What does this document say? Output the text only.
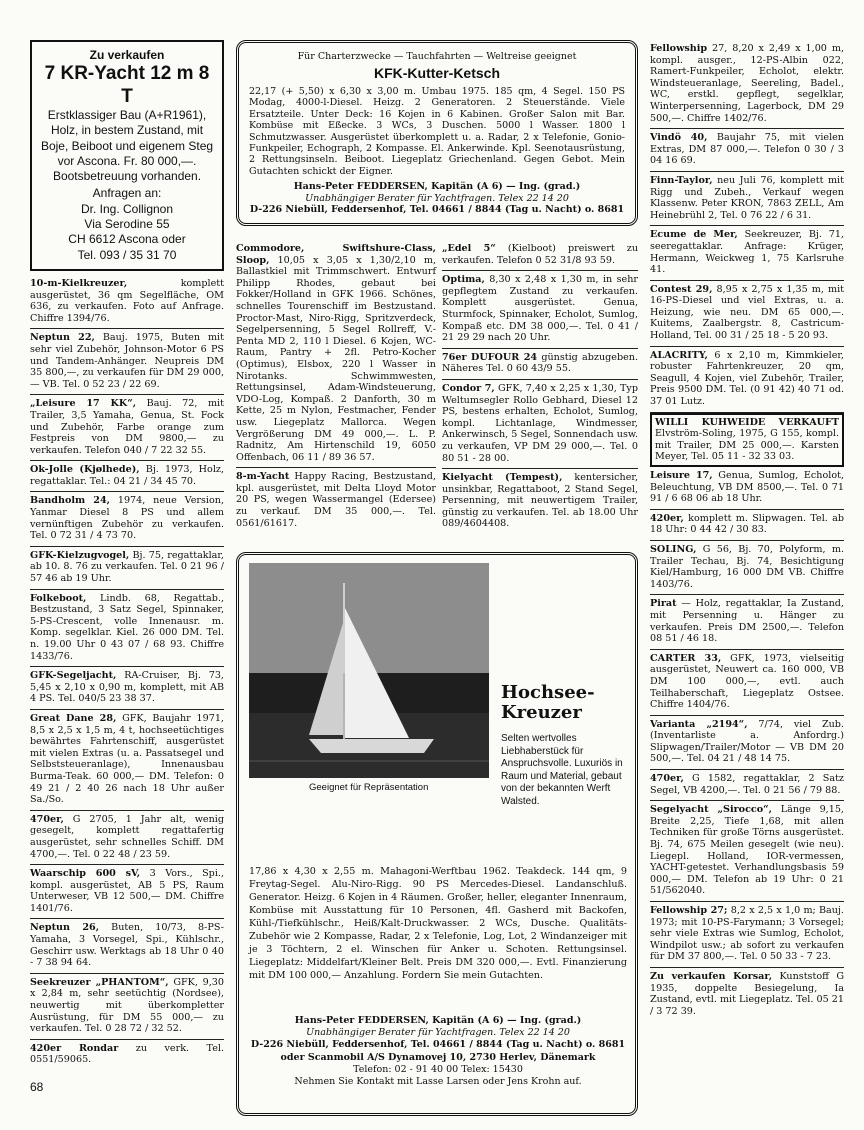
Zu verkaufen
7 KR-Yacht 12 m 8 T
Erstklassiger Bau (A+R1961), Holz, in bestem Zustand, mit Boje, Beiboot und eigenem Steg vor Ascona. Fr. 80 000,—. Bootsbetreuung vorhanden.
Anfragen an:
Dr. Ing. Collignon
Via Serodine 55
CH 6612 Ascona oder
Tel. 093 / 35 31 70
10-m-Kielkreuzer,	komplett ausgerüstet, 36 qm Segelfläche, OM 636, zu verkaufen. Foto auf Anfrage. Chiffre 1394/76.
Neptun 22, Bauj. 1975, Buten mit sehr viel Zubehör, Johnson-Motor 6 PS und Tandem-Anhänger. Neupreis DM 35 800,—, zu verkaufen für DM 29 000,— VB. Tel. 0 52 23 / 22 69.
„Leisure 17 KK“, Bauj. 72, mit Trailer, 3,5 Yamaha, Genua, St. Fock und Zubehör, Farbe orange zum Festpreis von DM 9800,— zu verkaufen. Telefon 040 / 7 22 32 55.
Ok-Jolle (Kjølhede), Bj. 1973, Holz, regattaklar. Tel.: 04 21 / 34 45 70.
Bandholm 24, 1974, neue Version, Yanmar Diesel 8 PS und allem vernünftigen Zubehör zu verkaufen. Tel. 0 72 31 / 4 73 70.
GFK-Kielzugvogel, Bj. 75, regattaklar, ab 10. 8. 76 zu verkaufen. Tel. 0 21 96 / 57 46 ab 19 Uhr.
Folkeboot, Lindb. 68, Regattab., Bestzustand, 3 Satz Segel, Spinnaker, 5-PS-Crescent, volle Innenausr. m. Komp. segelklar. Kiel. 26 000 DM. Tel. n. 19.00 Uhr 0 43 07 / 68 93. Chiffre 1433/76.
GFK-Segeljacht, RA-Cruiser, Bj. 73, 5,45 x 2,10 x 0,90 m, komplett, mit AB 4 PS. Tel. 040/5 23 38 37.
Great Dane 28, GFK, Baujahr 1971, 8,5 x 2,5 x 1,5 m, 4 t, hochseetüchtiges bewährtes Fahrtenschiff, ausgerüstet mit vielen Extras (u. a. Passatsegel und Selbststeueranlage), Innenausbau Burma-Teak. 60 000,— DM. Telefon: 0 49 21 / 2 40 26 nach 18 Uhr außer Sa./So.
470er, G 2705, 1 Jahr alt, wenig gesegelt, komplett regattafertig ausgerüstet, sehr schnelles Schiff. DM 4700,—. Tel. 0 22 48 / 23 59.
Waarschip 600 sV, 3 Vors., Spi., kompl. ausgerüstet, AB 5 PS, Raum Unterweser, VB 12 500,— DM. Chiffre 1401/76.
Neptun 26, Buten, 10/73, 8-PS-Yamaha, 3 Vorsegel, Spi., Kühlschr., Geschirr usw. Werktags ab 18 Uhr 0 40 - 7 38 94 64.
Seekreuzer „PHANTOM“, GFK, 9,30 x 2,84 m, sehr seetüchtig (Nordsee), neuwertig mit überkompletter Ausrüstung, für DM 55 000,— zu verkaufen. Tel. 0 28 72 / 32 52.
420er Rondar zu verk. Tel. 0551/59065.
Für Charterzwecke — Tauchfahrten — Weltreise geeignet
KFK-Kutter-Ketsch
22,17 (+ 5,50) x 6,30 x 3,00 m. Umbau 1975. 185 qm, 4 Segel. 150 PS Modag, 4000-l-Diesel. Heizg. 2 Generatoren. 2 Steuerstände. Viele Ersatzteile. Unter Deck: 16 Kojen in 6 Kabinen. Großer Salon mit Bar. Kombüse mit Eßecke. 3 WCs, 3 Duschen. 5000 l Wasser. 1800 l Schmutzwasser. Ausgerüstet überkomplett u. a. Radar, 2 x Telefonie, Gonio-Funkpeiler, Echograph, 2 Kompasse. El. Ankerwinde. Kpl. Seenotausrüstung, 2 Rettungsinseln. Beiboot. Liegeplatz Griechenland. Gegen Gebot. Mein Gutachten schickt der Eigner.
Hans-Peter FEDDERSEN, Kapitän (A 6) — Ing. (grad.)
Unabhängiger Berater für Yachtfragen. Telex 22 14 20
D-226 Niebüll, Feddersenhof, Tel. 04661 / 8844 (Tag u. Nacht) o. 8681
Commodore, Swiftshure-Class, Sloop, 10,05 x 3,05 x 1,30/2,10 m, Ballastkiel mit Trimmschwert. Entwurf Philipp Rhodes, gebaut bei Fokker/Holland in GFK 1966. Schönes, schnelles Tourenschiff im Bestzustand. Proctor-Mast, Niro-Rigg, Spritzverdeck, Segelpersenning, 5 Segel Rollreff, V.-Penta MD 2, 110 l Diesel. 6 Kojen, WC-Raum, Pantry + 2fl. Petro-Kocher (Optimus), Elsbox, 220 l Wasser in Nirotanks. Schwimmwesten, Rettungsinsel, Adam-Windsteuerung, VDO-Log, Kompaß. 2 Danforth, 30 m Kette, 25 m Nylon, Festmacher, Fender usw. Liegeplatz Mallorca. Wegen Vergrößerung DM 49 000,—. L. P. Radnitz, Am Hirtenschild 19, 6050 Offenbach, 06 11 / 89 36 57.
8-m-Yacht Happy Racing, Bestzustand, kpl. ausgerüstet, mit Delta Lloyd Motor 20 PS, wegen Wassermangel (Edersee) zu verkauf. DM 35 000,—. Tel. 0561/61617.
„Edel 5“ (Kielboot) preiswert zu verkaufen. Telefon 0 52 31/8 93 59.
Optima, 8,30 x 2,48 x 1,30 m, in sehr gepflegtem Zustand zu verkaufen. Komplett ausgerüstet. Genua, Sturmfock, Spinnaker, Echolot, Sumlog, Kompaß etc. DM 38 000,—. Tel. 0 41 / 21 29 29 nach 20 Uhr.
76er DUFOUR 24 günstig abzugeben. Näheres Tel. 0 60 43/9 55.
Condor 7, GFK, 7,40 x 2,25 x 1,30, Typ Weltumsegler Rollo Gebhard, Diesel 12 PS, bestens erhalten, Echolot, Sumlog, kompl. Lichtanlage, Windmesser, Ankerwinsch, 5 Segel, Sonnendach usw. zu verkaufen, VP DM 29 000,—. Tel. 0 80 51 - 28 00.
Kielyacht (Tempest), kentersicher, unsinkbar, Regattaboot, 2 Stand Segel, Persenning, mit neuwertigem Trailer, günstig zu verkaufen. Tel. ab 18.00 Uhr 089/4604408.
Geeignet für Repräsentation
Hochsee-Kreuzer
Selten wertvolles Liebhaberstück für Anspruchsvolle. Luxuriös in Raum und Material, gebaut von der bekannten Werft Walsted.
17,86 x 4,30 x 2,55 m. Mahagoni-Werftbau 1962. Teakdeck. 144 qm, 9 Freytag-Segel. Alu-Niro-Rigg. 90 PS Mercedes-Diesel. Landanschluß. Generator. Heizg. 6 Kojen in 4 Räumen. Großer, heller, eleganter Innenraum, Kombüse mit Ausstattung für 10 Personen, 4fl. Gasherd mit Backofen, Kühl-/Tiefkühlschr., Heiß/Kalt-Druckwasser. 2 WCs, Dusche. Qualitäts-Zubehör wie 2 Kompasse, Radar, 2 x Telefonie, Log, Lot, 2 Windanzeiger mit je 3 Töchtern, 2 el. Winschen für Anker u. Schoten. Rettungsinsel. Liegeplatz: Middelfart/Kleiner Belt. Preis DM 320 000,—. Evtl. Finanzierung mit DM 100 000,— Anzahlung. Fordern Sie mein Gutachten.
Hans-Peter FEDDERSEN, Kapitän (A 6) — Ing. (grad.)
Unabhängiger Berater für Yachtfragen. Telex 22 14 20
D-226 Niebüll, Feddersenhof, Tel. 04661 / 8844 (Tag u. Nacht) o. 8681
oder Scanmobil A/S Dynamovej 10, 2730 Herlev, Dänemark
Telefon: 02 - 91 40 00 Telex: 15430
Nehmen Sie Kontakt mit Lasse Larsen oder Jens Krohn auf.
Fellowship 27, 8,20 x 2,49 x 1,00 m, kompl. ausger., 12-PS-Albin 022, Ramert-Funkpeiler, Echolot, elektr. Windsteueranlage, Seereling, Badel., WC, erstkl. gepflegt, segelklar, Winterpersenning, Lagerbock, DM 29 500,—. Chiffre 1402/76.
Vindö 40, Baujahr 75, mit vielen Extras, DM 87 000,—. Telefon 0 30 / 3 04 16 69.
Finn-Taylor, neu Juli 76, komplett mit Rigg und Zubeh., Verkauf wegen Klassenw. Peter KRON, 7863 ZELL, Am Heinebrühl 2, Tel. 0 76 22 / 6 31.
Ecume de Mer, Seekreuzer, Bj. 71, seeregattaklar. Anfrage: Krüger, Hermann, Weickweg 1, 75 Karlsruhe 41.
Contest 29, 8,95 x 2,75 x 1,35 m, mit 16-PS-Diesel und viel Extras, u. a. Heizung, wie neu. DM 65 000,—. Kuitems, Zaalbergstr. 8, Castricum-Holland, Tel. 00 31 / 25 18 - 5 20 93.
ALACRITY, 6 x 2,10 m, Kimmkieler, robuster Fahrtenkreuzer, 20 qm, Seagull, 4 Kojen, viel Zubehör, Trailer, Preis 9500 DM. Tel. (0 91 42) 40 71 od. 37 01 Lutz.
WILLI KUHWEIDE VERKAUFT Elvström-Soling, 1975, G 155, kompl. mit Trailer, DM 25 000,—. Karsten Meyer, Tel. 05 11 - 32 33 03.
Leisure 17, Genua, Sumlog, Echolot, Beleuchtung, VB DM 8500,—. Tel. 0 71 91 / 6 68 06 ab 18 Uhr.
420er, komplett m. Slipwagen. Tel. ab 18 Uhr: 0 44 42 / 30 83.
SOLING, G 56, Bj. 70, Polyform, m. Trailer Techau, Bj. 74, Besichtigung Kiel/Hamburg, 16 000 DM VB. Chiffre 1403/76.
Pirat — Holz, regattaklar, Ia Zustand, mit Persenning u. Hänger zu verkaufen. Preis DM 2500,—. Telefon 08 51 / 46 18.
CARTER 33, GFK, 1973, vielseitig ausgerüstet, Neuwert ca. 160 000, VB DM 100 000,—, evtl. auch Teilhaberschaft, Liegeplatz Ostsee. Chiffre 1404/76.
Varianta „2194“, 7/74, viel Zub. (Inventarliste a. Anfordrg.) Slipwagen/Trailer/Motor — VB DM 20 500,—. Tel. 04 21 / 48 14 75.
470er, G 1582, regattaklar, 2 Satz Segel, VB 4200,—. Tel. 0 21 56 / 79 88.
Segelyacht „Sirocco“, Länge 9,15, Breite 2,25, Tiefe 1,68, mit allen Techniken für große Törns ausgerüstet. Bj. 74, 675 Meilen gesegelt (wie neu). Liegepl. Holland, IOR-vermessen, YACHT-getestet. Verhandlungsbasis 59 000,— DM. Telefon ab 19 Uhr: 0 21 51/562040.
Fellowship 27; 8,2 x 2,5 x 1,0 m; Bauj. 1973; mit 10-PS-Farymann; 3 Vorsegel; sehr viele Extras wie Sumlog, Echolot, Windpilot usw.; ab sofort zu verkaufen für DM 37 800,—. Tel. 0 50 33 - 7 23.
Zu verkaufen Korsar, Kunststoff G 1935, doppelte Besiegelung, Ia Zustand, evtl. mit Liegeplatz. Tel. 05 21 / 3 72 39.
68
